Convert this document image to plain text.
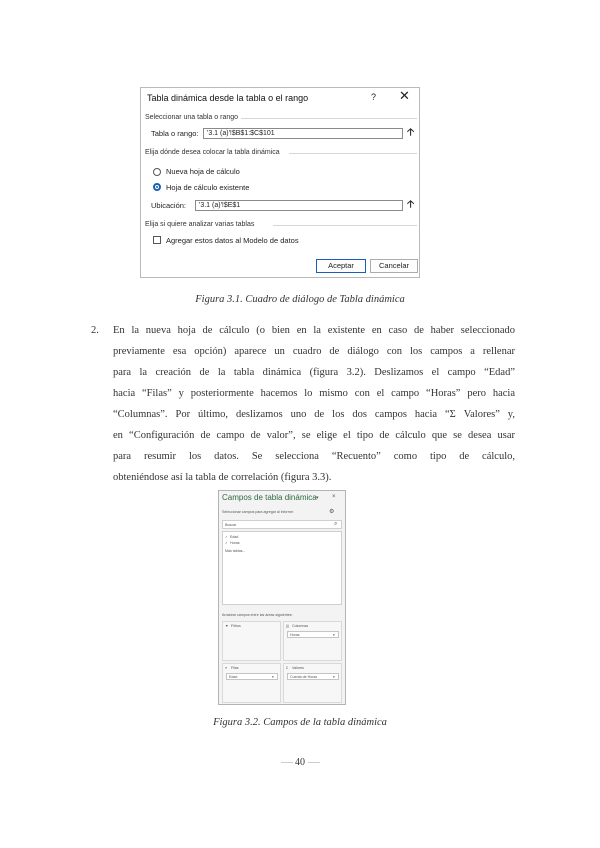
Tabla dinámica desde la tabla o el rango	? ✕
Seleccionar una tabla o rango
Tabla o rango:	'3.1 (a)'!$B$1:$C$101	🡡
Elija dónde desea colocar la tabla dinámica
Nueva hoja de cálculo
Hoja de cálculo existente
Ubicación:	'3.1 (a)'!$E$1	🡡
Elija si quiere analizar varias tablas
Agregar estos datos al Modelo de datos
Aceptar	Cancelar
Figura 3.1. Cuadro de diálogo de Tabla dinámica
2. En la nueva hoja de cálculo (o bien en la existente en caso de haber seleccionado
previamente esa opción) aparece un cuadro de diálogo con los campos a rellenar
para la creación de la tabla dinámica (figura 3.2). Deslizamos el campo “Edad”
hacia “Filas” y posteriormente hacemos lo mismo con el campo “Horas” pero hacia
“Columnas”. Por último, deslizamos uno de los dos campos hacia “Σ Valores” y,
en “Configuración de campo de valor”, se elige el tipo de cálculo que se desea usar
para resumir los datos. Se selecciona “Recuento” como tipo de cálculo,
obteniéndose así la tabla de correlación (figura 3.3).
Campos de tabla dinámica ▾ ×
Seleccionar campos para agregar al informe:	⚙
Buscar	⌕
✓ Edad
✓ Horas
Más tablas...
Arrastrar campos entre las áreas siguientes:
▼ Filtros	||| Columnas
Horas	▾
≡ Filas
Edad	▾
Σ Valores
Cuenta de Horas	▾
Figura 3.2. Campos de la tabla dinámica
40
